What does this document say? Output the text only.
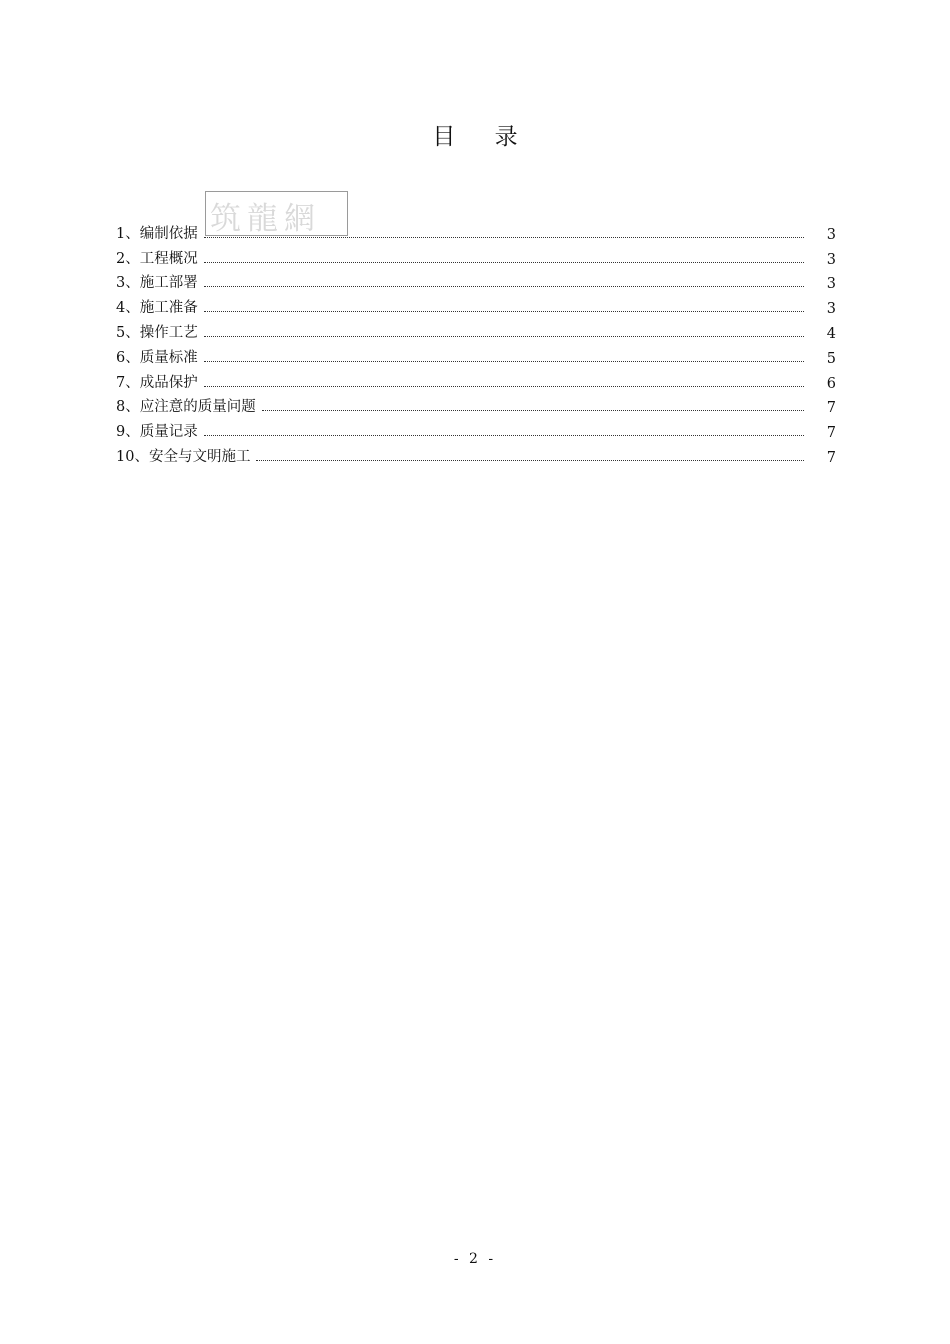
目 录
1、编制依据	3
2、工程概况	3
3、施工部署	3
4、施工准备	3
5、操作工艺	4
6、质量标准	5
7、成品保护	6
8、应注意的质量问题	7
9、质量记录	7
10、安全与文明施工	7
筑龍網
- 2 -
